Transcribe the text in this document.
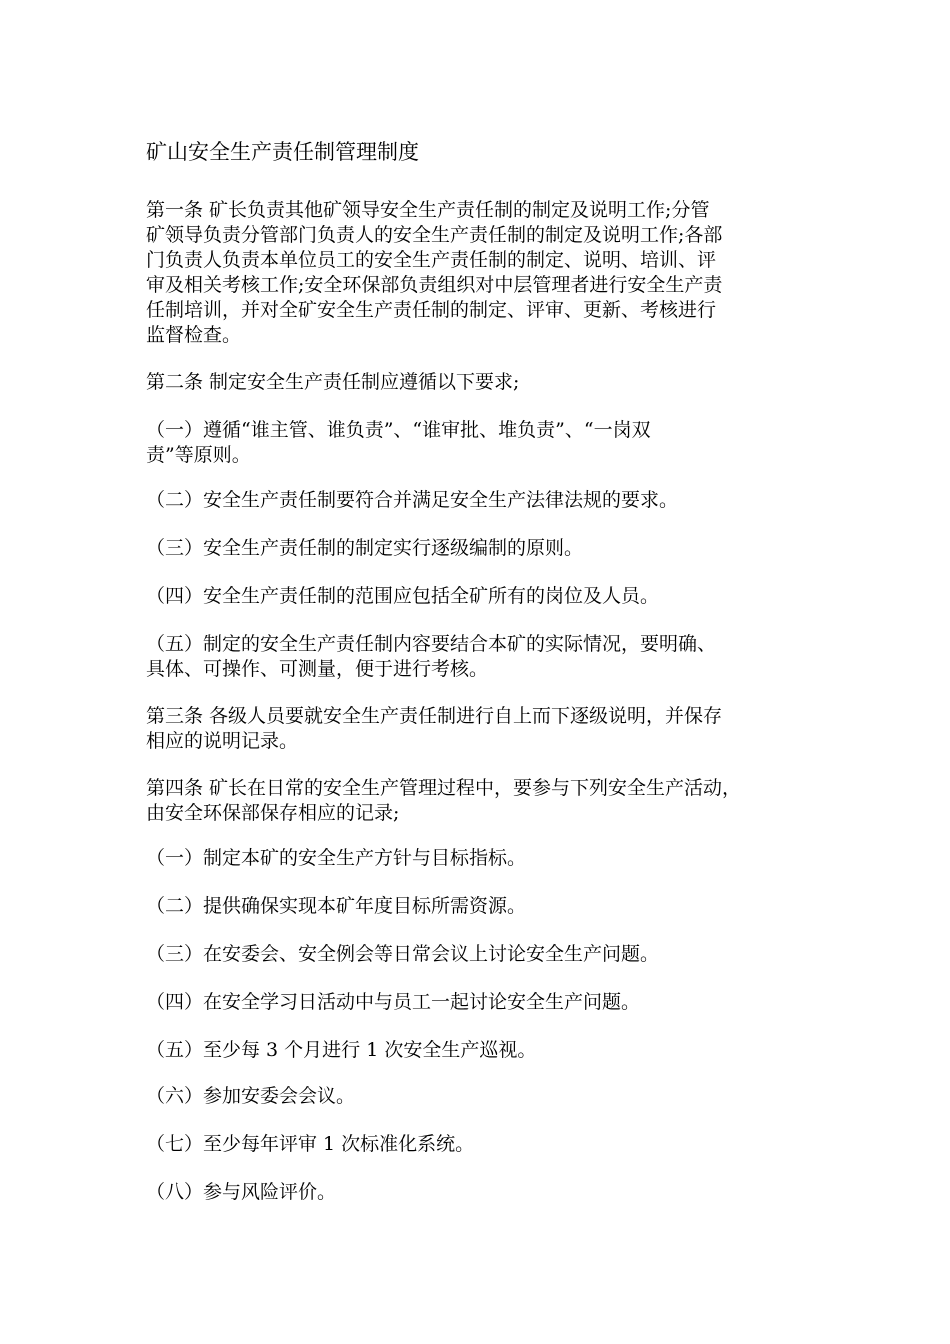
矿山安全生产责任制管理制度

第一条 矿长负责其他矿领导安全生产责任制的制定及说明工作;分管
矿领导负责分管部门负责人的安全生产责任制的制定及说明工作;各部
门负责人负责本单位员工的安全生产责任制的制定、说明、培训、评
审及相关考核工作;安全环保部负责组织对中层管理者进行安全生产责
任制培训，并对全矿安全生产责任制的制定、评审、更新、考核进行
监督检查。

第二条 制定安全生产责任制应遵循以下要求;

（一）遵循“谁主管、谁负责”、“谁审批、堆负责”、“一岗双
责”等原则。

（二）安全生产责任制要符合并满足安全生产法律法规的要求。

（三）安全生产责任制的制定实行逐级编制的原则。

（四）安全生产责任制的范围应包括全矿所有的岗位及人员。

（五）制定的安全生产责任制内容要结合本矿的实际情况，要明确、
具体、可操作、可测量，便于进行考核。

第三条 各级人员要就安全生产责任制进行自上而下逐级说明，并保存
相应的说明记录。

第四条 矿长在日常的安全生产管理过程中，要参与下列安全生产活动，
由安全环保部保存相应的记录;

（一）制定本矿的安全生产方针与目标指标。

（二）提供确保实现本矿年度目标所需资源。

（三）在安委会、安全例会等日常会议上讨论安全生产问题。

（四）在安全学习日活动中与员工一起讨论安全生产问题。

（五）至少每 3 个月进行 1 次安全生产巡视。

（六）参加安委会会议。

（七）至少每年评审 1 次标准化系统。

（八）参与风险评价。
